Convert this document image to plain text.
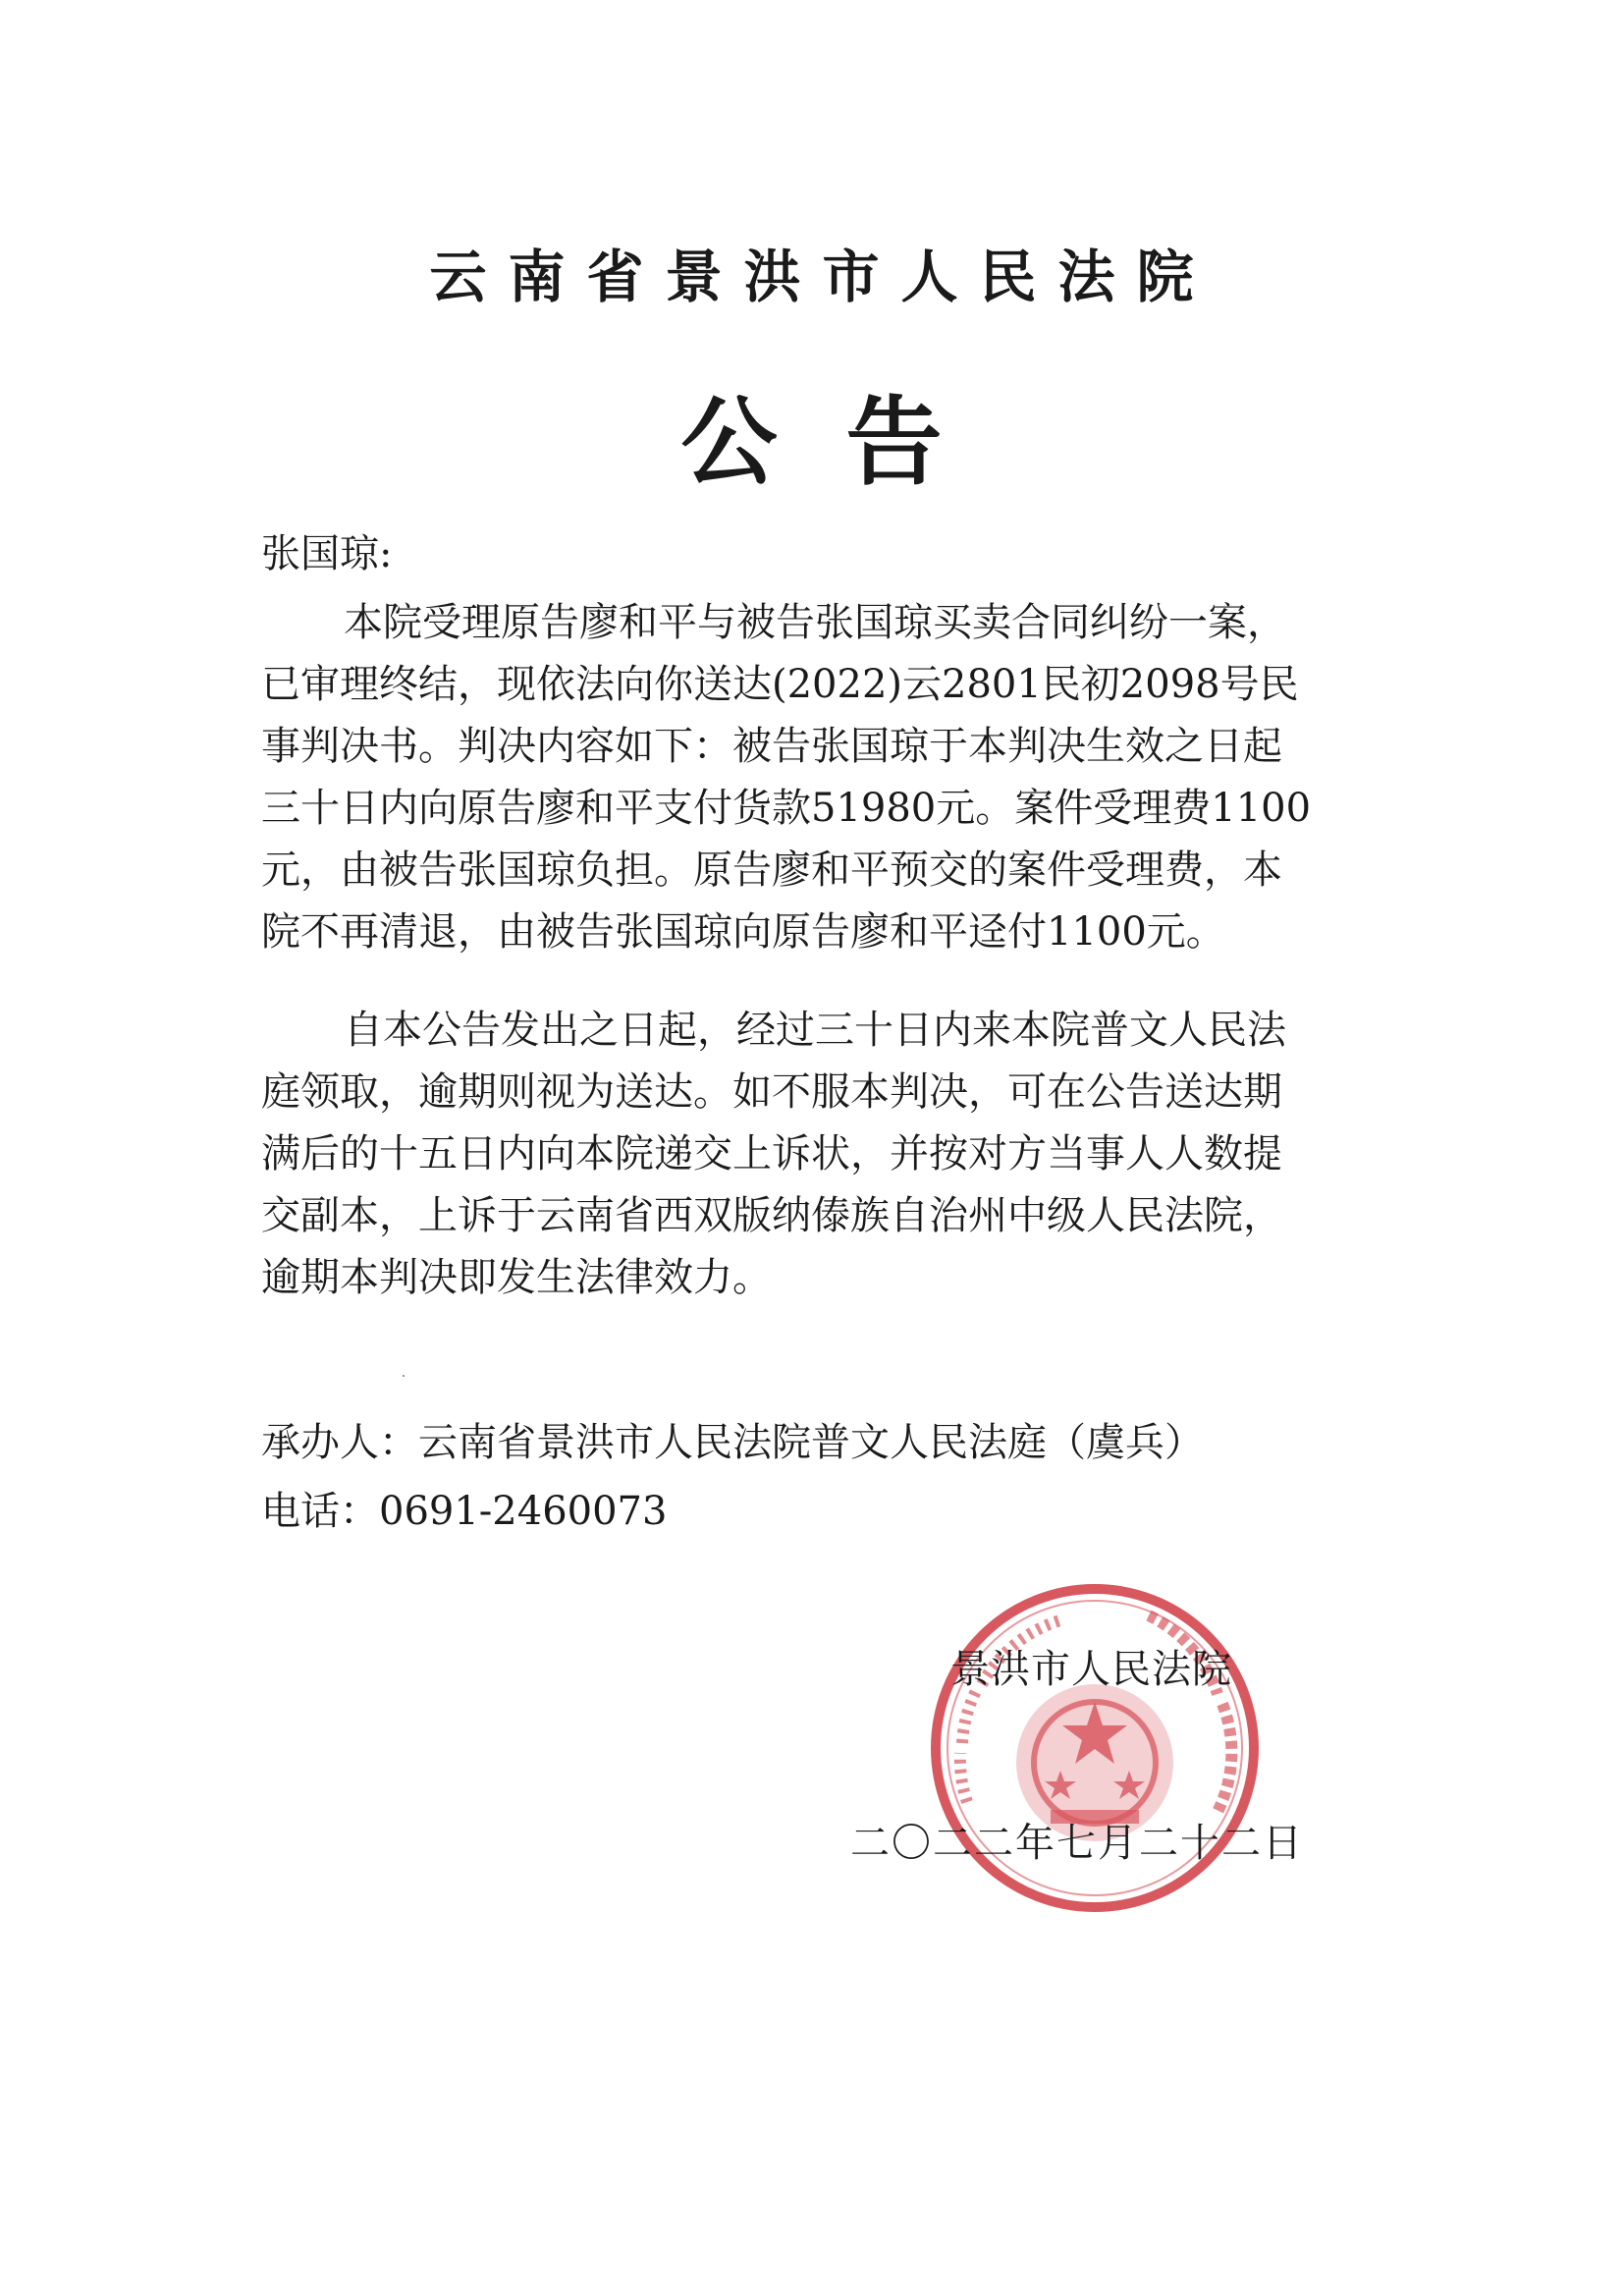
云南省景洪市人民法院
公告
张国琼:
本院受理原告廖和平与被告张国琼买卖合同纠纷一案，
已审理终结，现依法向你送达(2022)云2801民初2098号民
事判决书。判决内容如下：被告张国琼于本判决生效之日起
三十日内向原告廖和平支付货款51980元。案件受理费1100
元，由被告张国琼负担。原告廖和平预交的案件受理费，本
院不再清退，由被告张国琼向原告廖和平迳付1100元。
自本公告发出之日起，经过三十日内来本院普文人民法
庭领取，逾期则视为送达。如不服本判决，可在公告送达期
满后的十五日内向本院递交上诉状，并按对方当事人人数提
交副本，上诉于云南省西双版纳傣族自治州中级人民法院，
逾期本判决即发生法律效力。
承办人：云南省景洪市人民法院普文人民法庭（虞兵）
电话：0691-2460073
景洪市人民法院
二〇二二年七月二十二日
